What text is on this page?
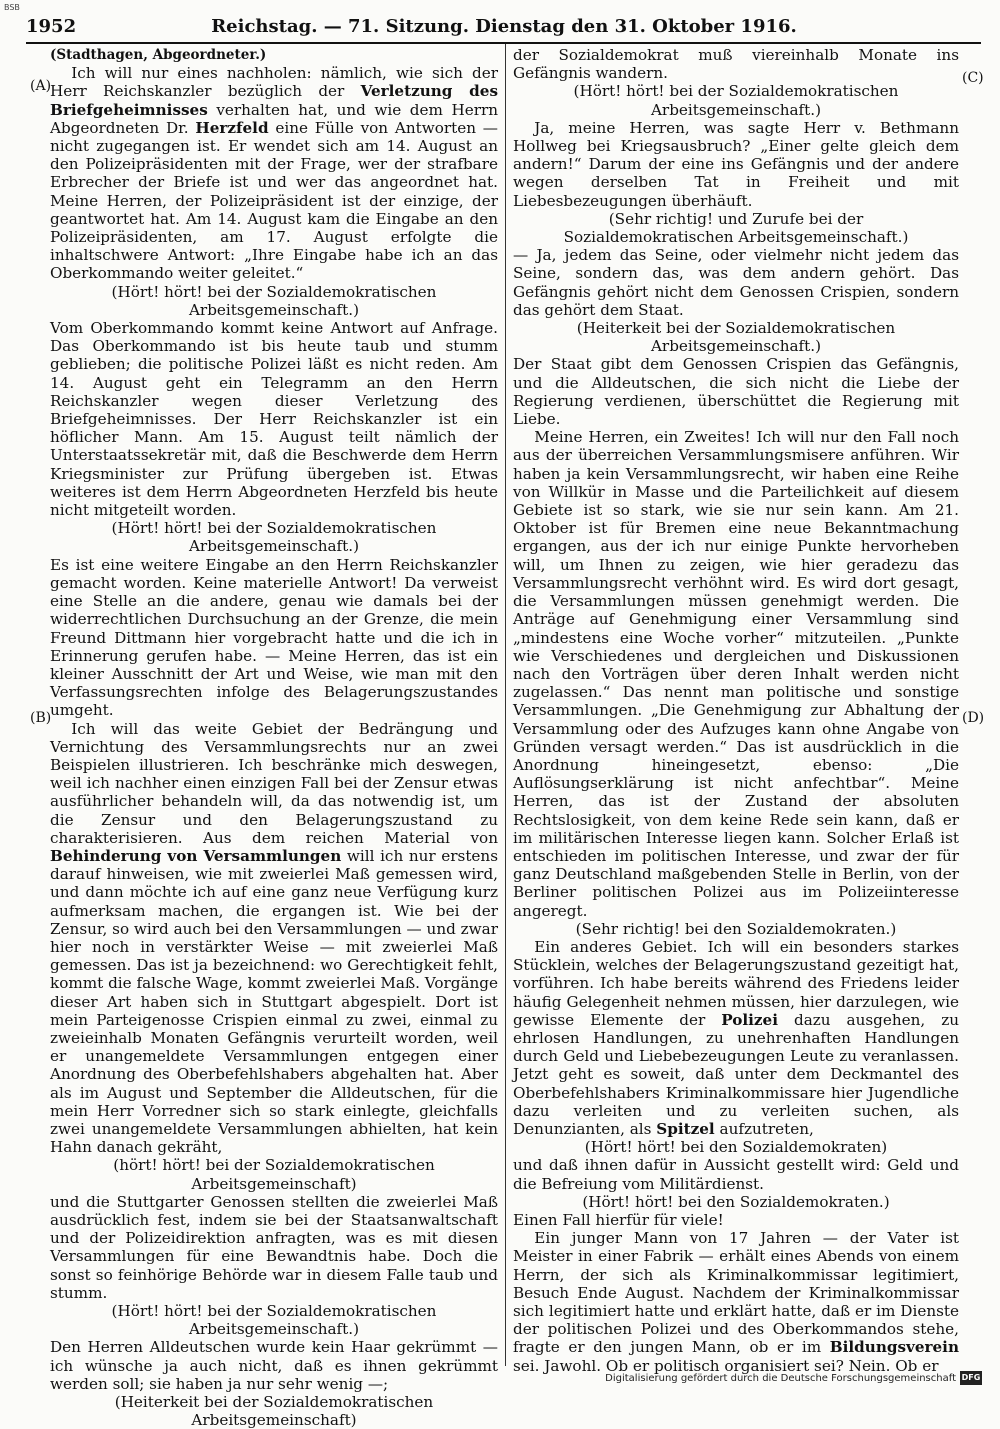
BSB
1952	Reichstag. — 71. Sitzung. Dienstag den 31. Oktober 1916.
(A)
(B)
(C)
(D)

(Stadthagen, Abgeordneter.)

Ich will nur eines nachholen: nämlich, wie sich der Herr Reichskanzler bezüglich der Verletzung des Briefgeheimnisses verhalten hat, und wie dem Herrn Abgeordneten Dr. Herzfeld eine Fülle von Antworten — nicht zugegangen ist. Er wendet sich am 14. August an den Polizeipräsidenten mit der Frage, wer der strafbare Erbrecher der Briefe ist und wer das angeordnet hat. Meine Herren, der Polizeipräsident ist der einzige, der geantwortet hat. Am 14. August kam die Eingabe an den Polizeipräsidenten, am 17. August erfolgte die inhaltschwere Antwort: „Ihre Eingabe habe ich an das Oberkommando weiter geleitet.“

(Hört! hört! bei der Sozialdemokratischen Arbeitsgemeinschaft.)

Vom Oberkommando kommt keine Antwort auf Anfrage. Das Oberkommando ist bis heute taub und stumm geblieben; die politische Polizei läßt es nicht reden. Am 14. August geht ein Telegramm an den Herrn Reichskanzler wegen dieser Verletzung des Briefgeheimnisses. Der Herr Reichskanzler ist ein höflicher Mann. Am 15. August teilt nämlich der Unterstaatssekretär mit, daß die Beschwerde dem Herrn Kriegsminister zur Prüfung übergeben ist. Etwas weiteres ist dem Herrn Abgeordneten Herzfeld bis heute nicht mitgeteilt worden.

(Hört! hört! bei der Sozialdemokratischen Arbeitsgemeinschaft.)

Es ist eine weitere Eingabe an den Herrn Reichskanzler gemacht worden. Keine materielle Antwort! Da verweist eine Stelle an die andere, genau wie damals bei der widerrechtlichen Durchsuchung an der Grenze, die mein Freund Dittmann hier vorgebracht hatte und die ich in Erinnerung gerufen habe. — Meine Herren, das ist ein kleiner Ausschnitt der Art und Weise, wie man mit den Verfassungsrechten infolge des Belagerungszustandes umgeht.

Ich will das weite Gebiet der Bedrängung und Vernichtung des Versammlungsrechts nur an zwei Beispielen illustrieren. Ich beschränke mich deswegen, weil ich nachher einen einzigen Fall bei der Zensur etwas ausführlicher behandeln will, da das notwendig ist, um die Zensur und den Belagerungszustand zu charakterisieren. Aus dem reichen Material von Behinderung von Versammlungen will ich nur erstens darauf hinweisen, wie mit zweierlei Maß gemessen wird, und dann möchte ich auf eine ganz neue Verfügung kurz aufmerksam machen, die ergangen ist. Wie bei der Zensur, so wird auch bei den Versammlungen — und zwar hier noch in verstärkter Weise — mit zweierlei Maß gemessen. Das ist ja bezeichnend: wo Gerechtigkeit fehlt, kommt die falsche Wage, kommt zweierlei Maß. Vorgänge dieser Art haben sich in Stuttgart abgespielt. Dort ist mein Parteigenosse Crispien einmal zu zwei, einmal zu zweieinhalb Monaten Gefängnis verurteilt worden, weil er unangemeldete Versammlungen entgegen einer Anordnung des Oberbefehlshabers abgehalten hat. Aber als im August und September die Alldeutschen, für die mein Herr Vorredner sich so stark einlegte, gleichfalls zwei unangemeldete Versammlungen abhielten, hat kein Hahn danach gekräht,

(hört! hört! bei der Sozialdemokratischen Arbeitsgemeinschaft)

und die Stuttgarter Genossen stellten die zweierlei Maß ausdrücklich fest, indem sie bei der Staatsanwaltschaft und der Polizeidirektion anfragten, was es mit diesen Versammlungen für eine Bewandtnis habe. Doch die sonst so feinhörige Behörde war in diesem Falle taub und stumm.

(Hört! hört! bei der Sozialdemokratischen Arbeitsgemeinschaft.)

Den Herren Alldeutschen wurde kein Haar gekrümmt — ich wünsche ja auch nicht, daß es ihnen gekrümmt werden soll; sie haben ja nur sehr wenig —;

(Heiterkeit bei der Sozialdemokratischen Arbeitsgemeinschaft)

der Sozialdemokrat muß viereinhalb Monate ins Gefängnis wandern.

(Hört! hört! bei der Sozialdemokratischen Arbeitsgemeinschaft.)

Ja, meine Herren, was sagte Herr v. Bethmann Hollweg bei Kriegsausbruch? „Einer gelte gleich dem andern!“ Darum der eine ins Gefängnis und der andere wegen derselben Tat in Freiheit und mit Liebesbezeugungen überhäuft.

(Sehr richtig! und Zurufe bei der Sozialdemokratischen Arbeitsgemeinschaft.)

— Ja, jedem das Seine, oder vielmehr nicht jedem das Seine, sondern das, was dem andern gehört. Das Gefängnis gehört nicht dem Genossen Crispien, sondern das gehört dem Staat.

(Heiterkeit bei der Sozialdemokratischen Arbeitsgemeinschaft.)

Der Staat gibt dem Genossen Crispien das Gefängnis, und die Alldeutschen, die sich nicht die Liebe der Regierung verdienen, überschüttet die Regierung mit Liebe.

Meine Herren, ein Zweites! Ich will nur den Fall noch aus der überreichen Versammlungsmisere anführen. Wir haben ja kein Versammlungsrecht, wir haben eine Reihe von Willkür in Masse und die Parteilichkeit auf diesem Gebiete ist so stark, wie sie nur sein kann. Am 21. Oktober ist für Bremen eine neue Bekanntmachung ergangen, aus der ich nur einige Punkte hervorheben will, um Ihnen zu zeigen, wie hier geradezu das Versammlungsrecht verhöhnt wird. Es wird dort gesagt, die Versammlungen müssen genehmigt werden. Die Anträge auf Genehmigung einer Versammlung sind „mindestens eine Woche vorher“ mitzuteilen. „Punkte wie Verschiedenes und dergleichen und Diskussionen nach den Vorträgen über deren Inhalt werden nicht zugelassen.“ Das nennt man politische und sonstige Versammlungen. „Die Genehmigung zur Abhaltung der Versammlung oder des Aufzuges kann ohne Angabe von Gründen versagt werden.“ Das ist ausdrücklich in die Anordnung hineingesetzt, ebenso: „Die Auflösungserklärung ist nicht anfechtbar“. Meine Herren, das ist der Zustand der absoluten Rechtslosigkeit, von dem keine Rede sein kann, daß er im militärischen Interesse liegen kann. Solcher Erlaß ist entschieden im politischen Interesse, und zwar der für ganz Deutschland maßgebenden Stelle in Berlin, von der Berliner politischen Polizei aus im Polizeiinteresse angeregt.

(Sehr richtig! bei den Sozialdemokraten.)

Ein anderes Gebiet. Ich will ein besonders starkes Stücklein, welches der Belagerungszustand gezeitigt hat, vorführen. Ich habe bereits während des Friedens leider häufig Gelegenheit nehmen müssen, hier darzulegen, wie gewisse Elemente der Polizei dazu ausgehen, zu ehrlosen Handlungen, zu unehrenhaften Handlungen durch Geld und Liebebezeugungen Leute zu veranlassen. Jetzt geht es soweit, daß unter dem Deckmantel des Oberbefehlshabers Kriminalkommissare hier Jugendliche dazu verleiten und zu verleiten suchen, als Denunzianten, als Spitzel aufzutreten,

(Hört! hört! bei den Sozialdemokraten)

und daß ihnen dafür in Aussicht gestellt wird: Geld und die Befreiung vom Militärdienst.

(Hört! hört! bei den Sozialdemokraten.)

Einen Fall hierfür für viele!

Ein junger Mann von 17 Jahren — der Vater ist Meister in einer Fabrik — erhält eines Abends von einem Herrn, der sich als Kriminalkommissar legitimiert, Besuch Ende August. Nachdem der Kriminalkommissar sich legitimiert hatte und erklärt hatte, daß er im Dienste der politischen Polizei und des Oberkommandos stehe, fragte er den jungen Mann, ob er im Bildungsverein sei. Jawohl. Ob er politisch organisiert sei? Nein. Ob er

Digitalisierung gefördert durch die Deutsche Forschungsgemeinschaft DFG
